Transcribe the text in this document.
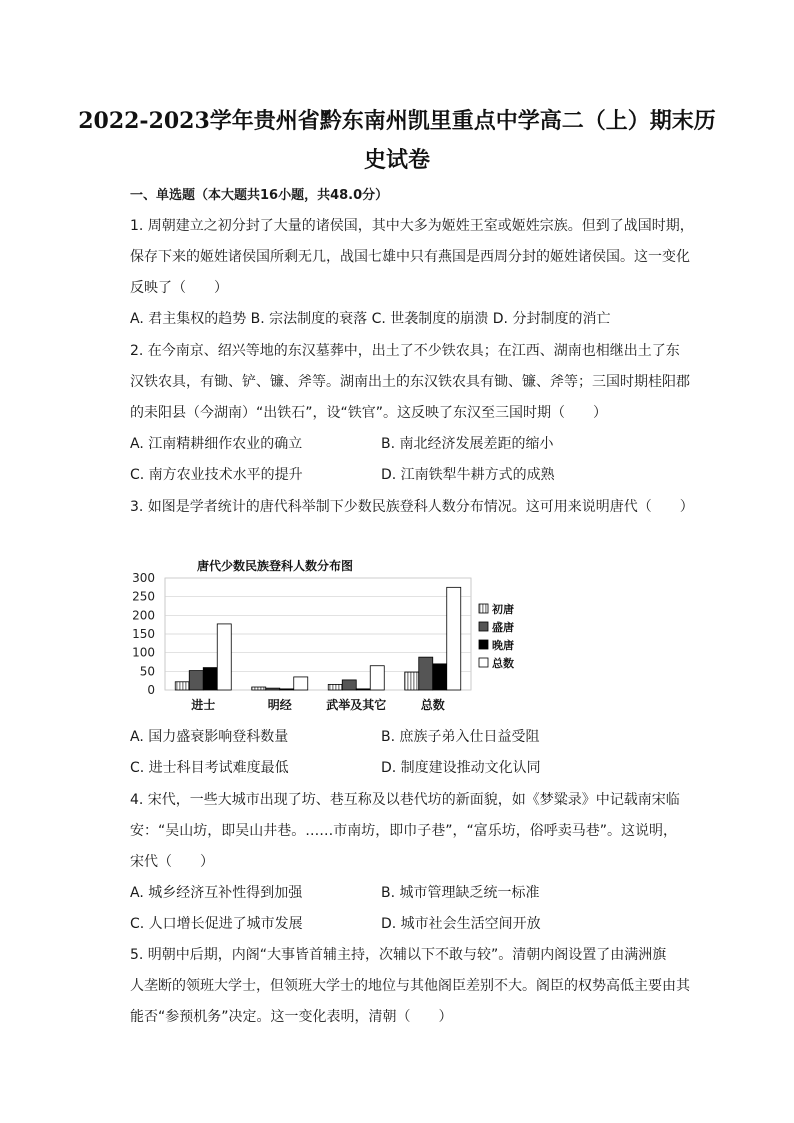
2022-2023学年贵州省黔东南州凯里重点中学高二（上）期末历
史试卷
一、单选题（本大题共16小题，共48.0分）
1. 周朝建立之初分封了大量的诸侯国，其中大多为姬姓王室或姬姓宗族。但到了战国时期，
保存下来的姬姓诸侯国所剩无几，战国七雄中只有燕国是西周分封的姬姓诸侯国。这一变化
反映了（　　）
A. 君主集权的趋势 B. 宗法制度的衰落 C. 世袭制度的崩溃 D. 分封制度的消亡
2. 在今南京、绍兴等地的东汉墓葬中，出土了不少铁农具；在江西、湖南也相继出土了东
汉铁农具，有锄、铲、镰、斧等。湖南出土的东汉铁农具有锄、镰、斧等；三国时期桂阳郡
的耒阳县（今湖南）“出铁石”，设“铁官”。这反映了东汉至三国时期（　　）
A. 江南精耕细作农业的确立	B. 南北经济发展差距的缩小
C. 南方农业技术水平的提升	D. 江南铁犁牛耕方式的成熟
3. 如图是学者统计的唐代科举制下少数民族登科人数分布情况。这可用来说明唐代（　　）
唐代少数民族登科人数分布图
300
250
200
150
100
50
0
进士	明经	武举及其它	总数
初唐
盛唐
晚唐
总数
A. 国力盛衰影响登科数量	B. 庶族子弟入仕日益受阻
C. 进士科目考试难度最低	D. 制度建设推动文化认同
4. 宋代，一些大城市出现了坊、巷互称及以巷代坊的新面貌，如《梦粱录》中记载南宋临
安：“吴山坊，即吴山井巷。……市南坊，即巾子巷”，“富乐坊，俗呼卖马巷”。这说明，
宋代（　　）
A. 城乡经济互补性得到加强	B. 城市管理缺乏统一标准
C. 人口增长促进了城市发展	D. 城市社会生活空间开放
5. 明朝中后期，内阁“大事皆首辅主持，次辅以下不敢与较”。清朝内阁设置了由满洲旗
人垄断的领班大学士，但领班大学士的地位与其他阁臣差别不大。阁臣的权势高低主要由其
能否“参预机务”决定。这一变化表明，清朝（　　）
